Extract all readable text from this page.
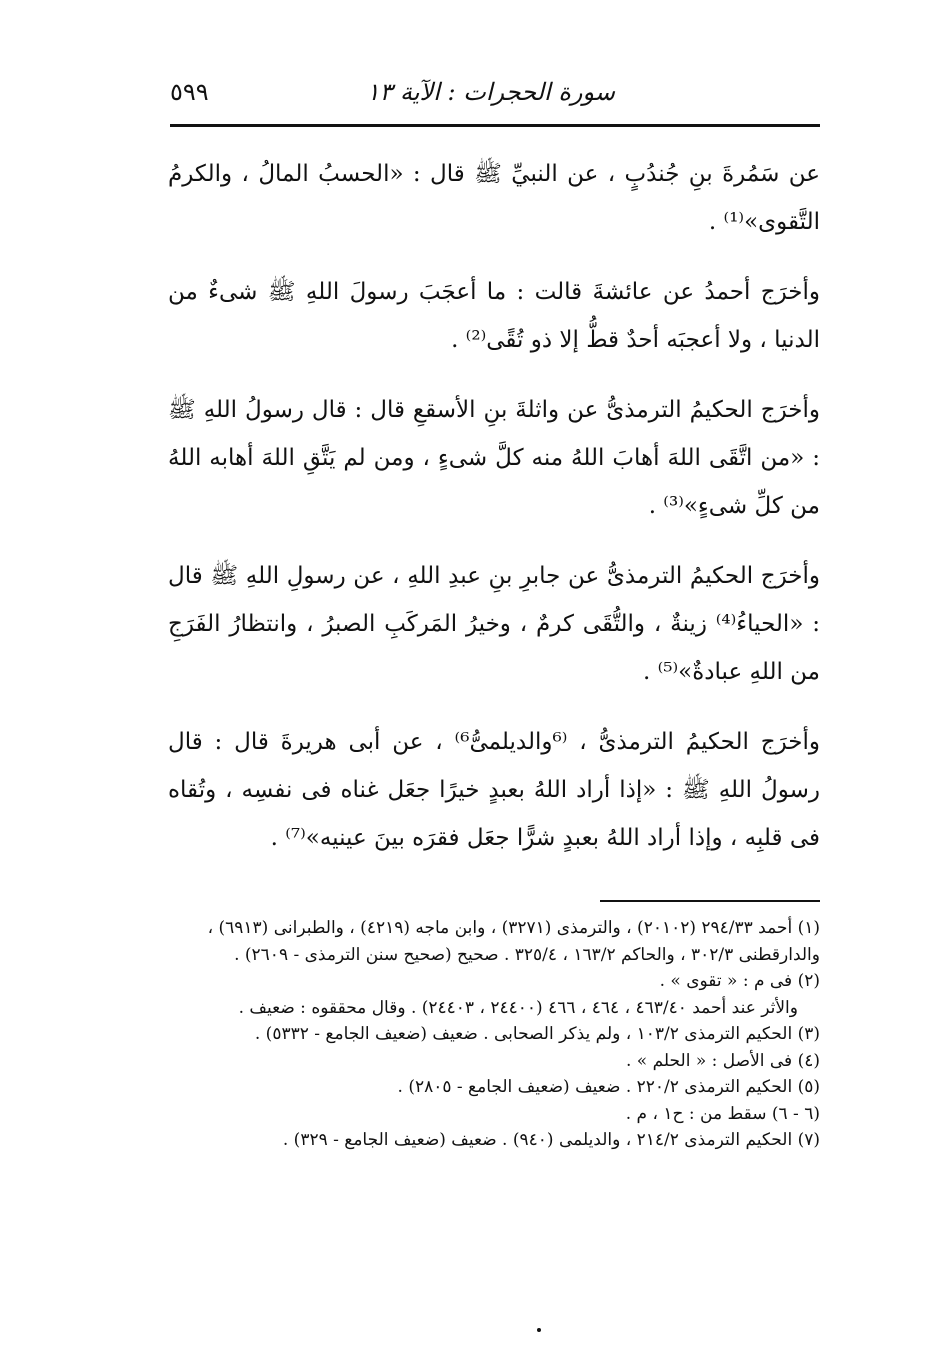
سورة الحجرات : الآية ١٣
٥٩٩

عن سَمُرةَ بنِ جُندُبٍ ، عن النبيِّ ﷺ قال : «الحسبُ المالُ ، والكرمُ التَّقوى»⁽¹⁾ .

وأخرَج أحمدُ عن عائشةَ قالت : ما أعجَبَ رسولَ اللهِ ﷺ شىءٌ من الدنيا ، ولا أعجبَه أحدٌ قطُّ إلا ذو تُقًى⁽²⁾ .

وأخرَج الحكيمُ الترمذىُّ عن واثلةَ بنِ الأسقعِ قال : قال رسولُ اللهِ ﷺ : «من اتَّقَى اللهَ أهابَ اللهُ منه كلَّ شىءٍ ، ومن لم يَتَّقِ اللهَ أهابه اللهُ من كلِّ شىءٍ»⁽³⁾ .

وأخرَج الحكيمُ الترمذىُّ عن جابرِ بنِ عبدِ اللهِ ، عن رسولِ اللهِ ﷺ قال : «الحياءُ⁽⁴⁾ زينةٌ ، والتُّقَى كرمٌ ، وخيرُ المَركَبِ الصبرُ ، وانتظارُ الفَرَجِ من اللهِ عبادةٌ»⁽⁵⁾ .

وأخرَج الحكيمُ الترمذىُّ ، ⁽⁶والديلمىُّ⁶⁾ ، عن أبى هريرةَ قال : قال رسولُ اللهِ ﷺ : «إذا أراد اللهُ بعبدٍ خيرًا جعَل غناه فى نفسِه ، وتُقاه فى قلبِه ، وإذا أراد اللهُ بعبدٍ شرًّا جعَل فقرَه بينَ عينيه»⁽⁷⁾ .

(١) أحمد ٢٩٤/٣٣ (٢٠١٠٢) ، والترمذى (٣٢٧١) ، وابن ماجه (٤٢١٩) ، والطبرانى (٦٩١٣) ، والدارقطنى ٣٠٢/٣ ، والحاكم ١٦٣/٢ ، ٣٢٥/٤ . صحيح (صحيح سنن الترمذى - ٢٦٠٩) .

(٢) فى م : « تقوى » .

والأثر عند أحمد ٤٦٣/٤٠ ، ٤٦٤ ، ٤٦٦ (٢٤٤٠٠ ، ٢٤٤٠٣) . وقال محققوه : ضعيف .

(٣) الحكيم الترمذى ١٠٣/٢ ، ولم يذكر الصحابى . ضعيف (ضعيف الجامع - ٥٣٣٢) .

(٤) فى الأصل : « الحلم » .

(٥) الحكيم الترمذى ٢٢٠/٢ . ضعيف (ضعيف الجامع - ٢٨٠٥) .

(٦ - ٦) سقط من : ح١ ، م .

(٧) الحكيم الترمذى ٢١٤/٢ ، والديلمى (٩٤٠) . ضعيف (ضعيف الجامع - ٣٢٩) .
